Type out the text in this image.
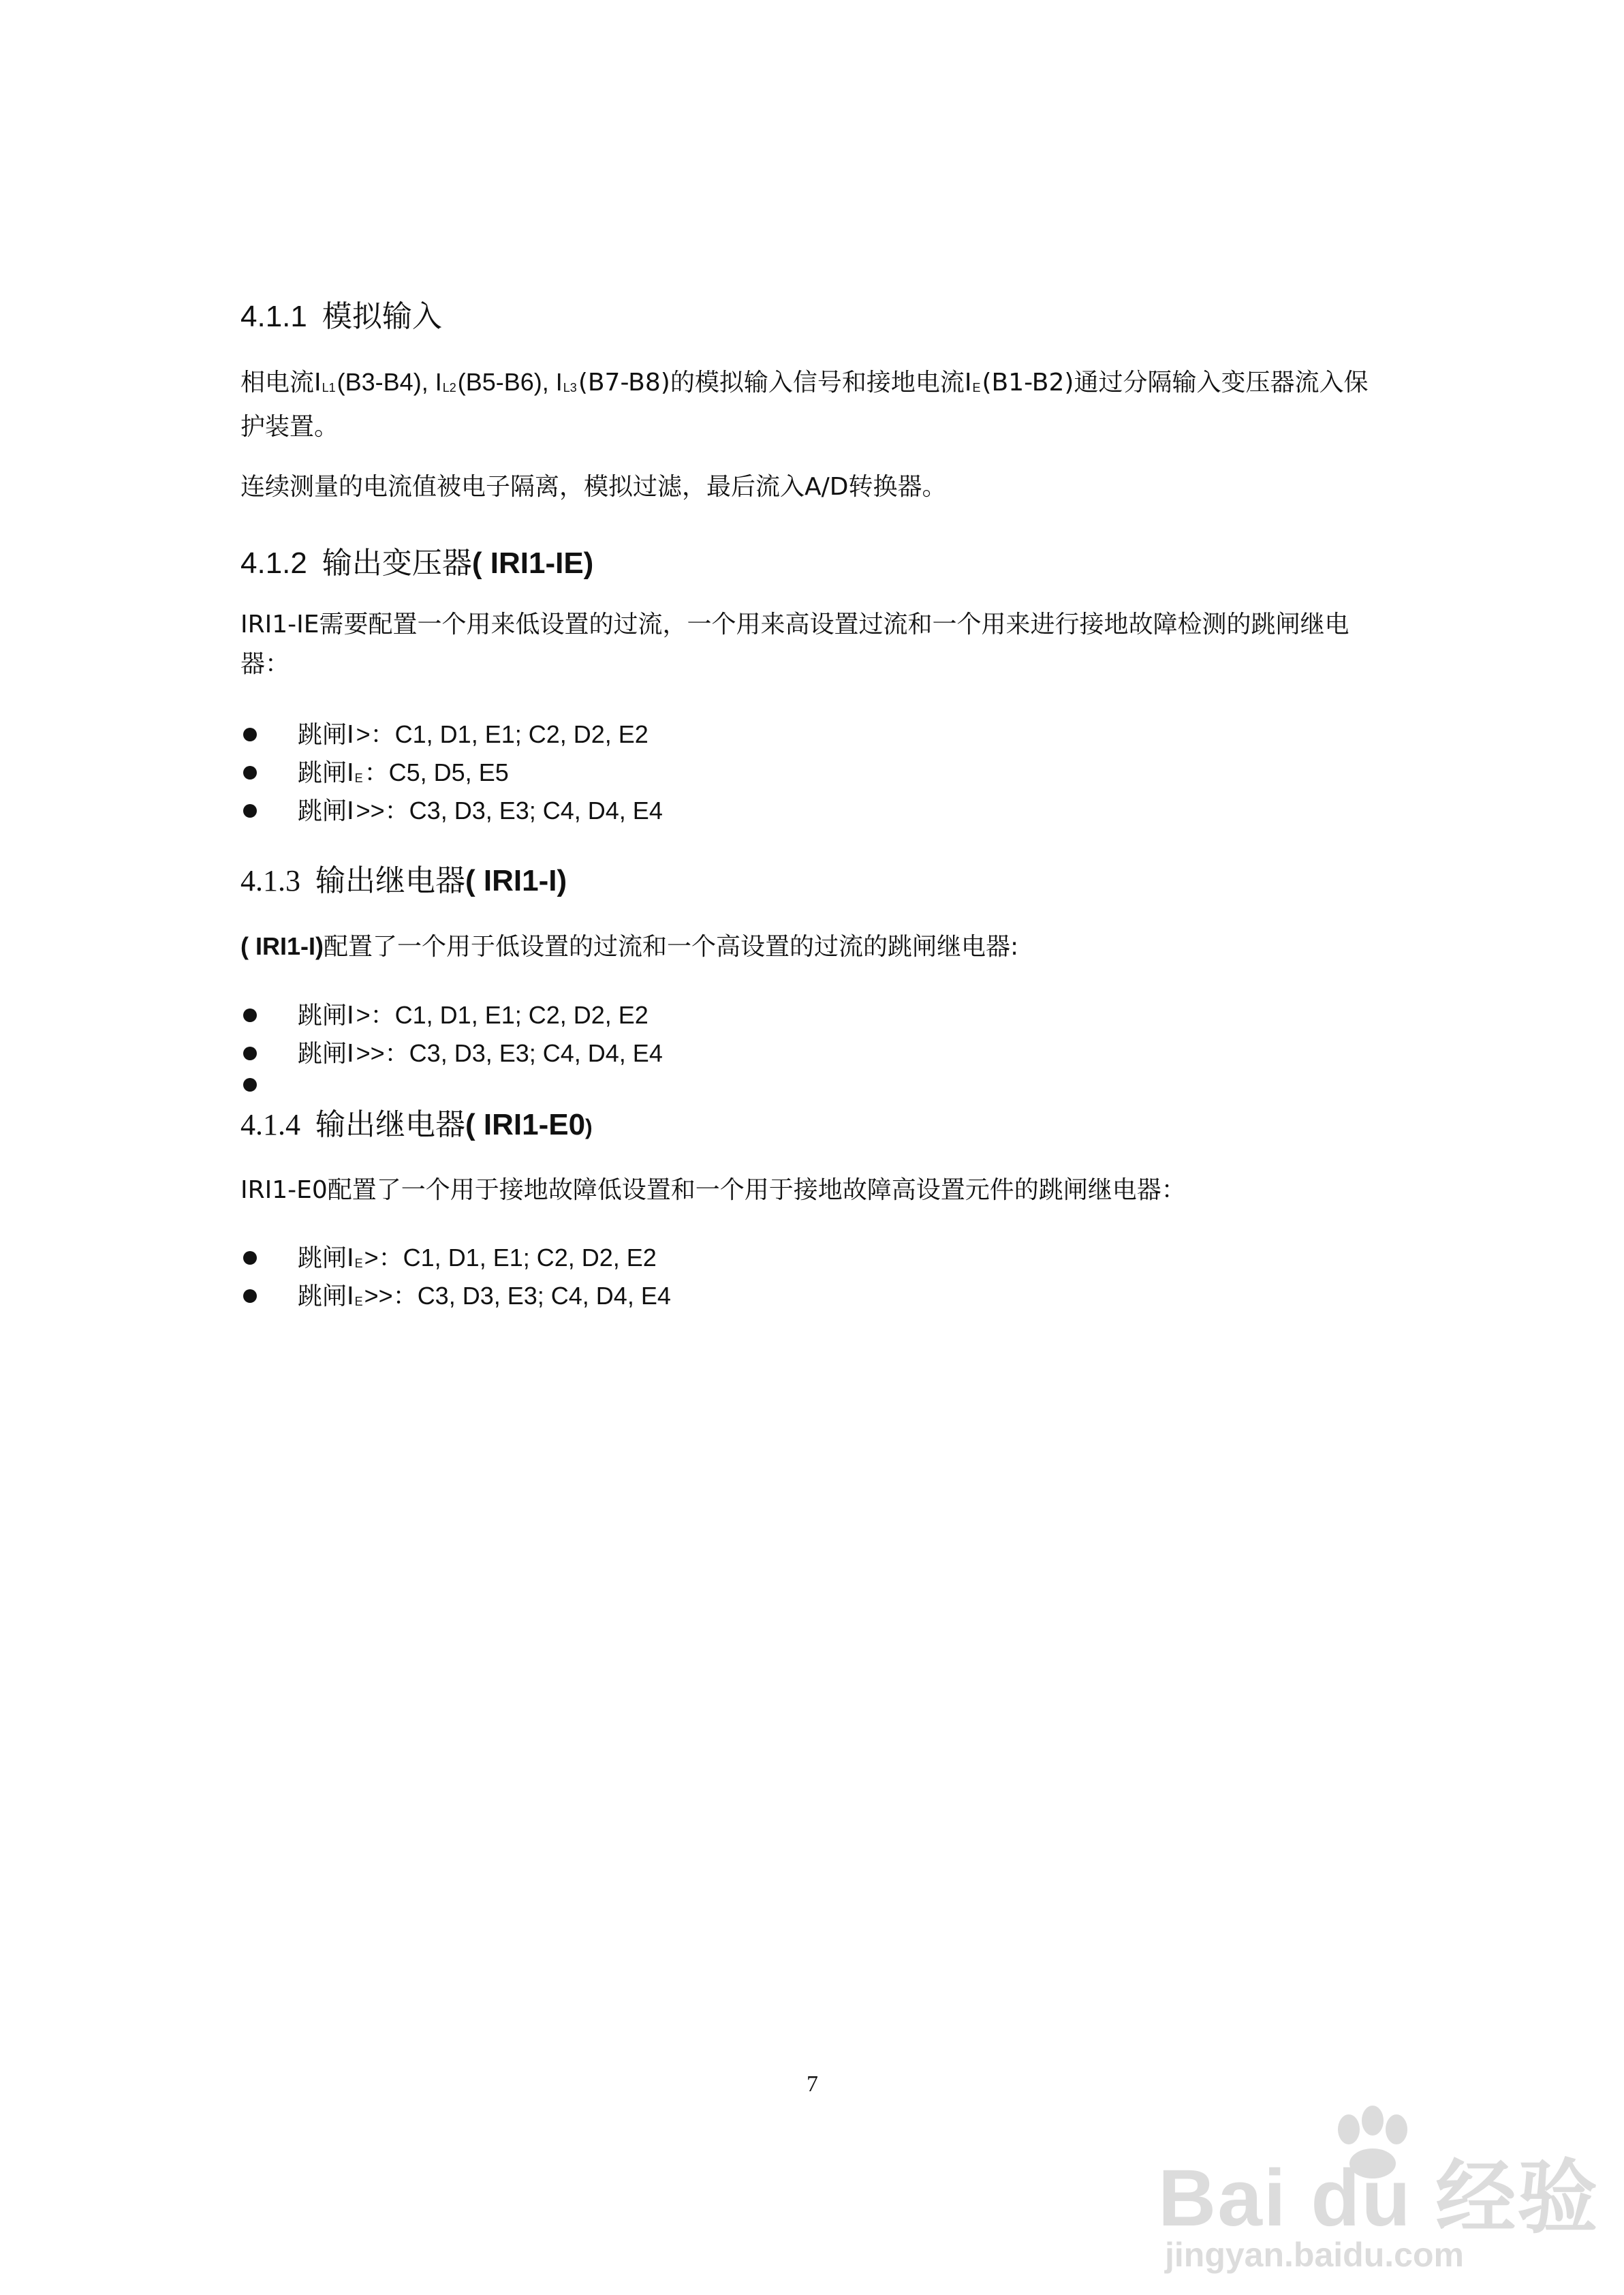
4.1.1 模拟输入
相电流$I_{L1}(B3-B4)$, $I_{L2}(B5-B6)$, $I_{L3}(B7-B8)$的模拟输入信号和接地电流$I_E(B1-B2)$通过分隔输入变压器流入保护装置。
连续测量的电流值被电子隔离，模拟过滤，最后流入A/D转换器。
4.1.2 输出变压器( IRI1-IE)
IRI1-IE需要配置一个用来低设置的过流，一个用来高设置过流和一个用来进行接地故障检测的跳闸继电器：
跳闸I>：C1, D1, E1; C2, D2, E2
跳闸$I_E$：C5, D5, E5
跳闸I>>：C3, D3, E3; C4, D4, E4
4.1.3 输出继电器( IRI1-I)
( IRI1-I)配置了一个用于低设置的过流和一个高设置的过流的跳闸继电器:
跳闸I>：C1, D1, E1; C2, D2, E2
跳闸I>>：C3, D3, E3; C4, D4, E4
4.1.4 输出继电器( IRI1-E0)
IRI1-E0配置了一个用于接地故障低设置和一个用于接地故障高设置元件的跳闸继电器：
跳闸$I_E>$：C1, D1, E1; C2, D2, E2
跳闸$I_E>>$：C3, D3, E3; C4, D4, E4
7
Bai du 经验
jingyan.baidu.com
